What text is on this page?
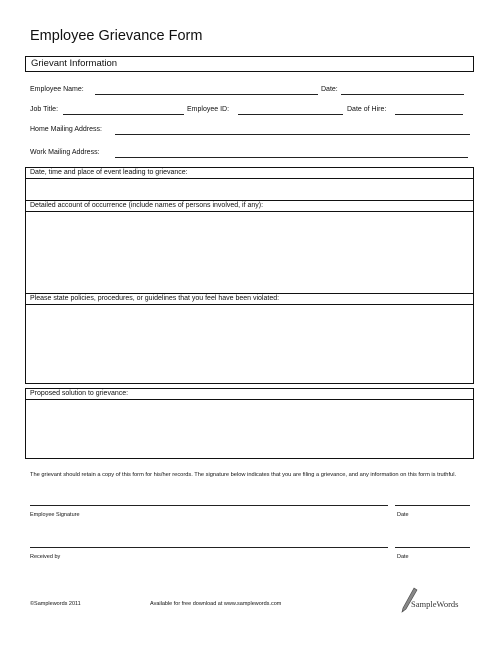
Employee Grievance Form
Grievant Information
Employee Name:	Date:
Job Title:	Employee ID:	Date of Hire:
Home Mailing Address:
Work Mailing Address:
Date, time and place of event leading to grievance:
Detailed account of occurrence (include names of persons involved, if any):
Please state policies, procedures, or guidelines that you feel have been violated:
Proposed solution to grievance:
The grievant should retain a copy of this form for his/her records. The signature below indicates that you are filing a grievance, and any information on this form is truthful.
Employee Signature	Date
Received by	Date
©Samplewords 2011	Available for free download at www.samplewords.com	SampleWords
